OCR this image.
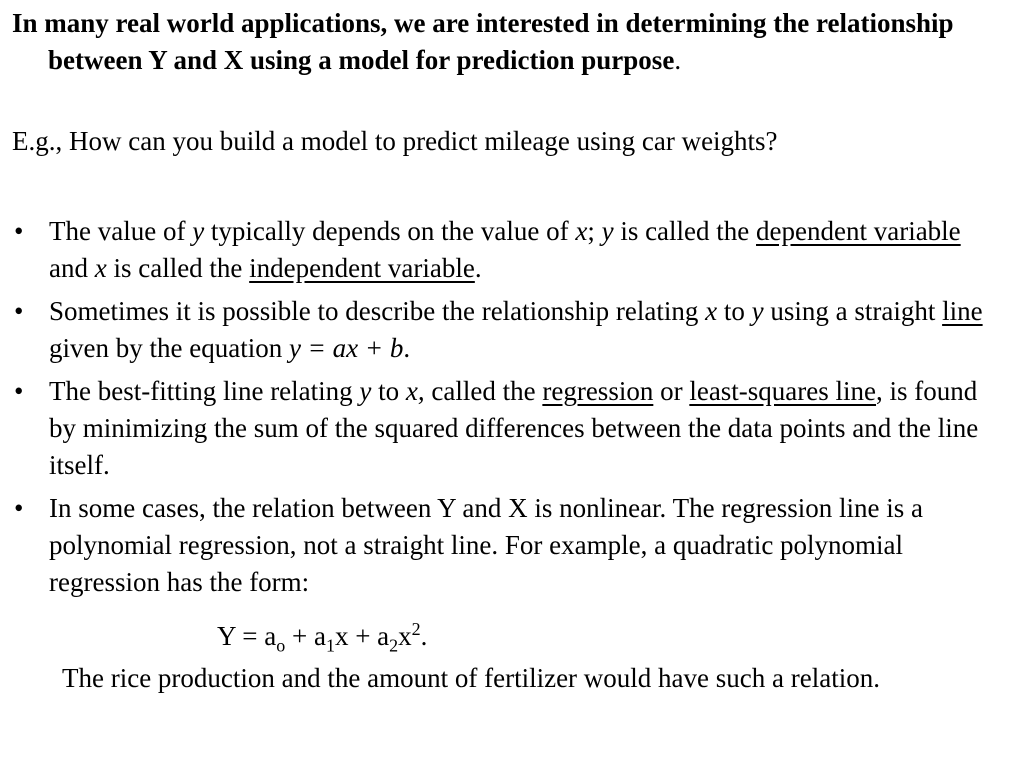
In many real world applications, we are interested in determining the relationship between Y and X using a model for prediction purpose.

E.g., How can you build a model to predict mileage using car weights?

• The value of y typically depends on the value of x; y is called the dependent variable and x is called the independent variable.
• Sometimes it is possible to describe the relationship relating x to y using a straight line given by the equation y = ax + b.
• The best-fitting line relating y to x, called the regression or least-squares line, is found by minimizing the sum of the squared differences between the data points and the line itself.
• In some cases, the relation between Y and X is nonlinear. The regression line is a polynomial regression, not a straight line. For example, a quadratic polynomial regression has the form:

$Y = a_o + a_1x + a_2x^2$.

The rice production and the amount of fertilizer would have such a relation.
